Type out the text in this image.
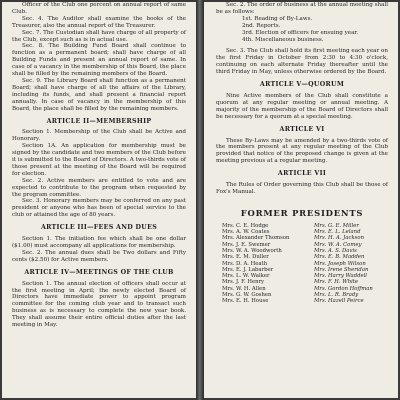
Officer of the Club one percent on annual report of same Club.

Sec. 4. The Auditor shall examine the books of the Treasurer, also the annual report of the Treasurer.

Sec. 7. The Custodian shall have charge of all property of the Club, except such as is in actual use.

Sec. 8. The Building Fund Board shall continue to function as a permanent board; shall have charge of all Building Funds and present an annual report of same. In case of a vacancy in the membership of this Board, the place shall be filled by the remaining members of the Board.

Sec. 9. The Library Board shall function as a permanent Board; shall have charge of all the affairs of the Library, including its funds, and shall present a financial report annually. In case of vacancy in the membership of this Board, the place shall be filled by the remaining members.

ARTICLE II—MEMBERSHIP

Section 1. Membership of the Club shall be Active and Honorary.

Section 1A. An application for membership must be signed by the candidate and two members of the Club before it is submitted to the Board of Directors. A two-thirds vote of those present at the meeting of the Board will be required for election.

Sec. 2. Active members are entitled to vote and are expected to contribute to the program when requested by the program committee.

Sec. 3. Honorary members may be conferred on any past president or anyone who has been of special service to the club or attained the age of 80 years.

ARTICLE III—FEES AND DUES

Section 1. The initiation fee which shall be one dollar ($1.00) must accompany all applications for membership.

Sec. 2. The annual dues shall be Two dollars and Fifty cents ($2.50) for Active members.

ARTICLE IV—MEETINGS OF THE CLUB

Section 1. The annual election of officers shall occur at the first meeting in April; the newly elected Board of Directors have immediate power to appoint program committee for the coming club year and to transact such business as is necessary to complete the new year book. They shall assume their entire official duties after the last meeting in May.

Sec. 2. The order of business at the annual meeting shall be as follows:

1st. Reading of By-Laws.
2nd. Reports.
3rd. Election of officers for ensuing year.
4th. Miscellaneous business.

Sec. 3. The Club shall hold its first meeting each year on the first Friday in October from 2:30 to 4:30 o'clock, continuing on each alternate Friday thereafter until the third Friday in May, unless otherwise ordered by the Board.

ARTICLE V—QUORUM

Nine Active members of the Club shall constitute a quorum at any regular meeting or annual meeting. A majority of the membership of the Board of Directors shall be necessary for a quorum at a special meeting.

ARTICLE VI

These By-Laws may be amended by a two-thirds vote of the members present at any regular meeting of the Club provided that notice of the proposed change is given at the meeting previous at a regular meeting.

ARTICLE VII

The Rules of Order governing this Club shall be those of Fox's Manual.

FORMER PRESIDENTS
Mrs. C. E. Hodge
Mrs. A. W. Coates
Mrs. Alexander Thomson
Mrs. J. E. Swemer
Mrs. W. A. Woodworth
Mrs. E. M. Duller
Mrs. D. A. Heath
Mrs. E. J. Labarber
Mrs. L. W. Walker
Mrs. J. F. Henry
Mrs. W. H. Allen
Mrs. G. W. Goshen
Mrs. E. H. House
Mrs. G. E. Miller
Mrs. E. L. Leland
Mrs. H. A. Jackson
Mrs. W. A. Comey
Mrs. A. S. Davis
Mrs. E. B. Madden
Mrs. Joseph Wilson
Mrs. Irene Sheridan
Mrs. Harry Waddell
Mrs. F. H. White
Mrs. Gordon Hoffman
Mrs. L. R. Brady
Mrs. Hazell Peirce
